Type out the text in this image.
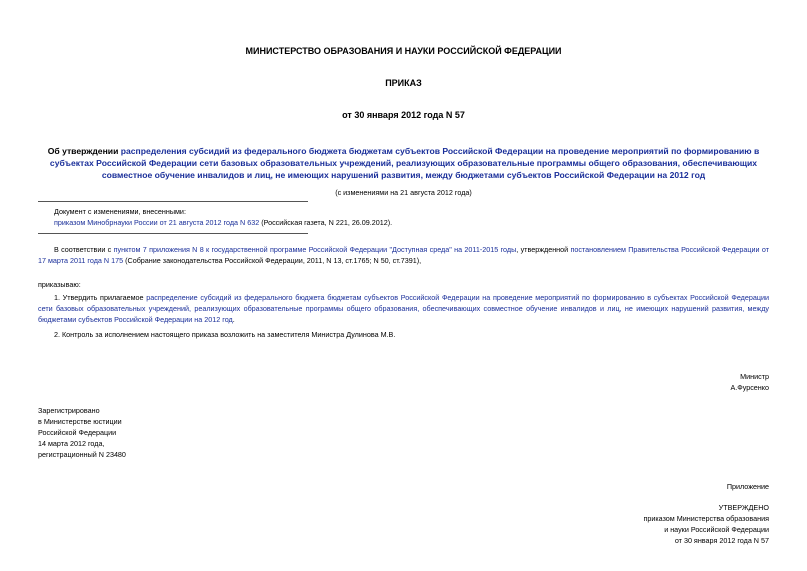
МИНИСТЕРСТВО ОБРАЗОВАНИЯ И НАУКИ РОССИЙСКОЙ ФЕДЕРАЦИИ
ПРИКАЗ
от 30 января 2012 года N 57
Об утверждении распределения субсидий из федерального бюджета бюджетам субъектов Российской Федерации на проведение мероприятий по формированию в субъектах Российской Федерации сети базовых образовательных учреждений, реализующих образовательные программы общего образования, обеспечивающих совместное обучение инвалидов и лиц, не имеющих нарушений развития, между бюджетами субъектов Российской Федерации на 2012 год
(с изменениями на 21 августа 2012 года)
Документ с изменениями, внесенными:
приказом Минобрнауки России от 21 августа 2012 года N 632 (Российская газета, N 221, 26.09.2012).
В соответствии с пунктом 7 приложения N 8 к государственной программе Российской Федерации "Доступная среда" на 2011-2015 годы, утвержденной постановлением Правительства Российской Федерации от 17 марта 2011 года N 175 (Собрание законодательства Российской Федерации, 2011, N 13, ст.1765; N 50, ст.7391),
приказываю:
1. Утвердить прилагаемое распределение субсидий из федерального бюджета бюджетам субъектов Российской Федерации на проведение мероприятий по формированию в субъектах Российской Федерации сети базовых образовательных учреждений, реализующих образовательные программы общего образования, обеспечивающих совместное обучение инвалидов и лиц, не имеющих нарушений развития, между бюджетами субъектов Российской Федерации на 2012 год.
2. Контроль за исполнением настоящего приказа возложить на заместителя Министра Дулинова М.В.
Министр
А.Фурсенко
Зарегистрировано
в Министерстве юстиции
Российской Федерации
14 марта 2012 года,
регистрационный N 23480
Приложение
УТВЕРЖДЕНО
приказом Министерства образования
и науки Российской Федерации
от 30 января 2012 года N 57
